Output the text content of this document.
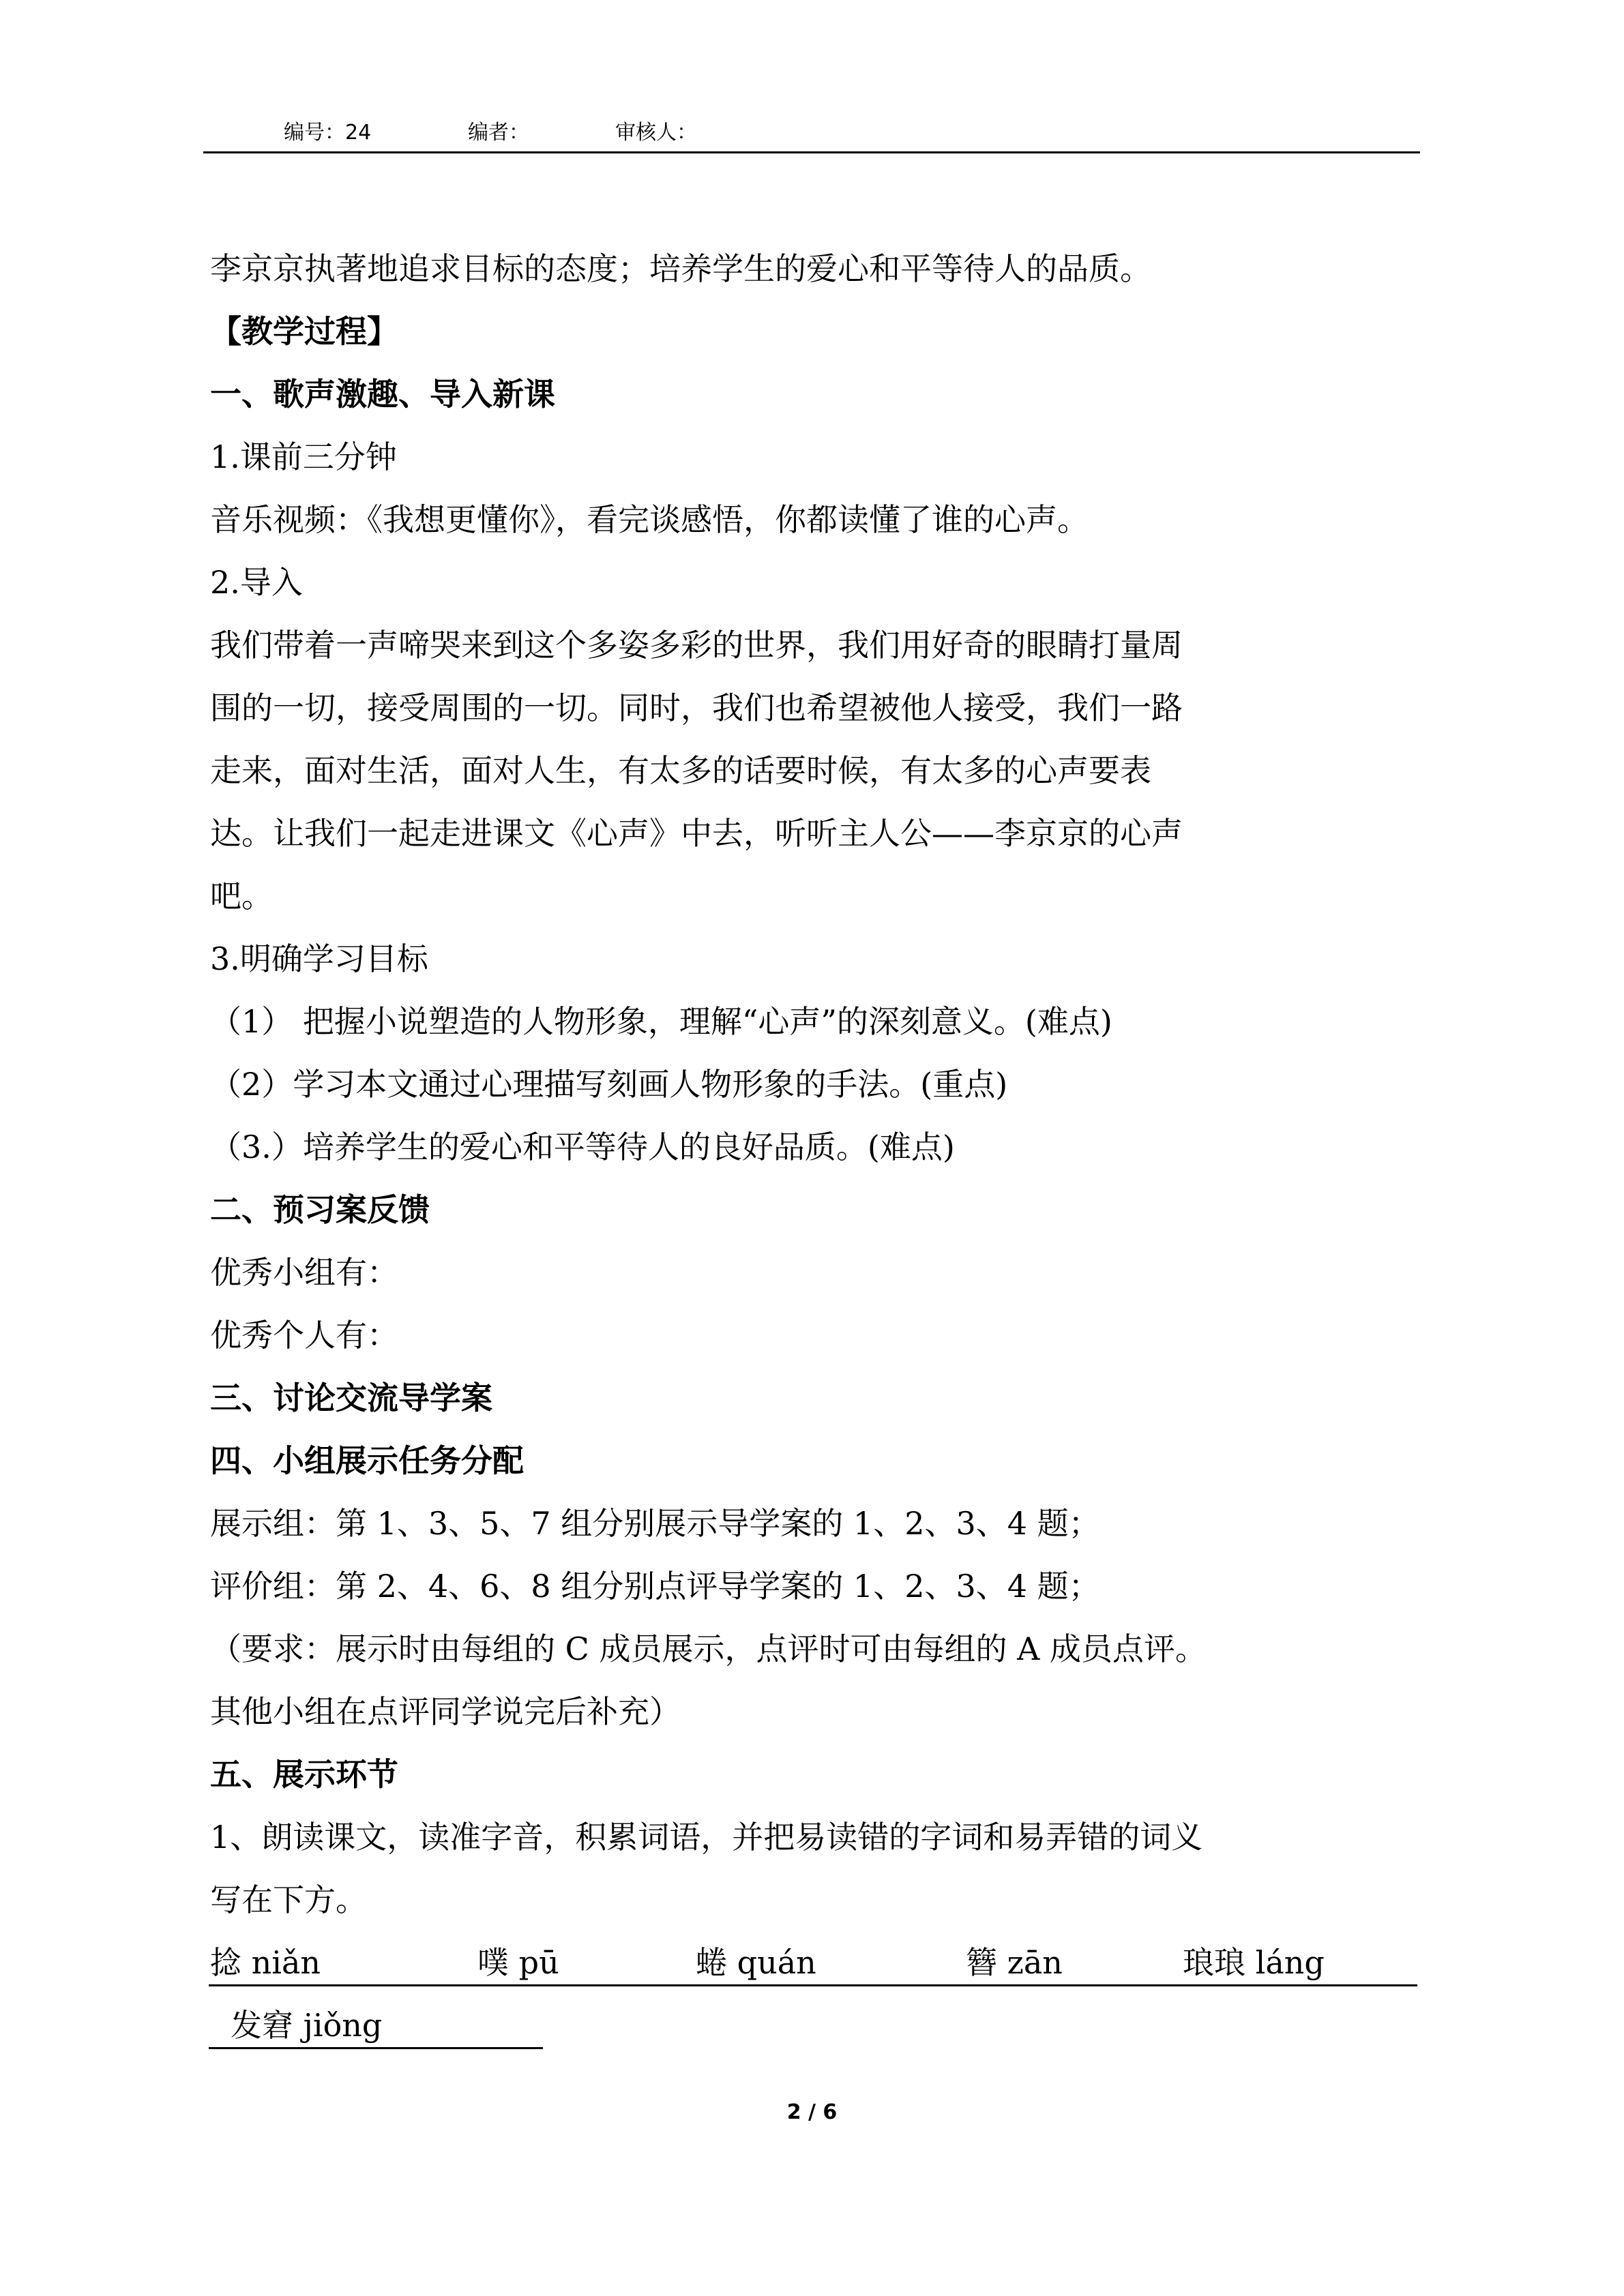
编号：24	编者：	审核人：
李京京执著地追求目标的态度；培养学生的爱心和平等待人的品质。
【教学过程】
一、歌声激趣、导入新课
1.课前三分钟
音乐视频：《我想更懂你》，看完谈感悟，你都读懂了谁的心声。
2.导入
我们带着一声啼哭来到这个多姿多彩的世界，我们用好奇的眼睛打量周
围的一切，接受周围的一切。同时，我们也希望被他人接受，我们一路
走来，面对生活，面对人生，有太多的话要时候，有太多的心声要表
达。让我们一起走进课文《心声》中去，听听主人公——李京京的心声
吧。
3.明确学习目标
（1） 把握小说塑造的人物形象，理解“心声”的深刻意义。(难点)
（2）学习本文通过心理描写刻画人物形象的手法。(重点)
（3.）培养学生的爱心和平等待人的良好品质。(难点)
二、预习案反馈
优秀小组有：
优秀个人有：
三、讨论交流导学案
四、小组展示任务分配
展示组：第 1、3、5、7 组分别展示导学案的 1、2、3、4 题；
评价组：第 2、4、6、8 组分别点评导学案的 1、2、3、4 题；
（要求：展示时由每组的 C 成员展示，点评时可由每组的 A 成员点评。
其他小组在点评同学说完后补充）
五、展示环节
1、朗读课文，读准字音，积累词语，并把易读错的字词和易弄错的词义
写在下方。
捻 niǎn	噗 pū	蜷 quán	簪 zān	琅琅 láng
发窘 jiǒng
2 / 6
